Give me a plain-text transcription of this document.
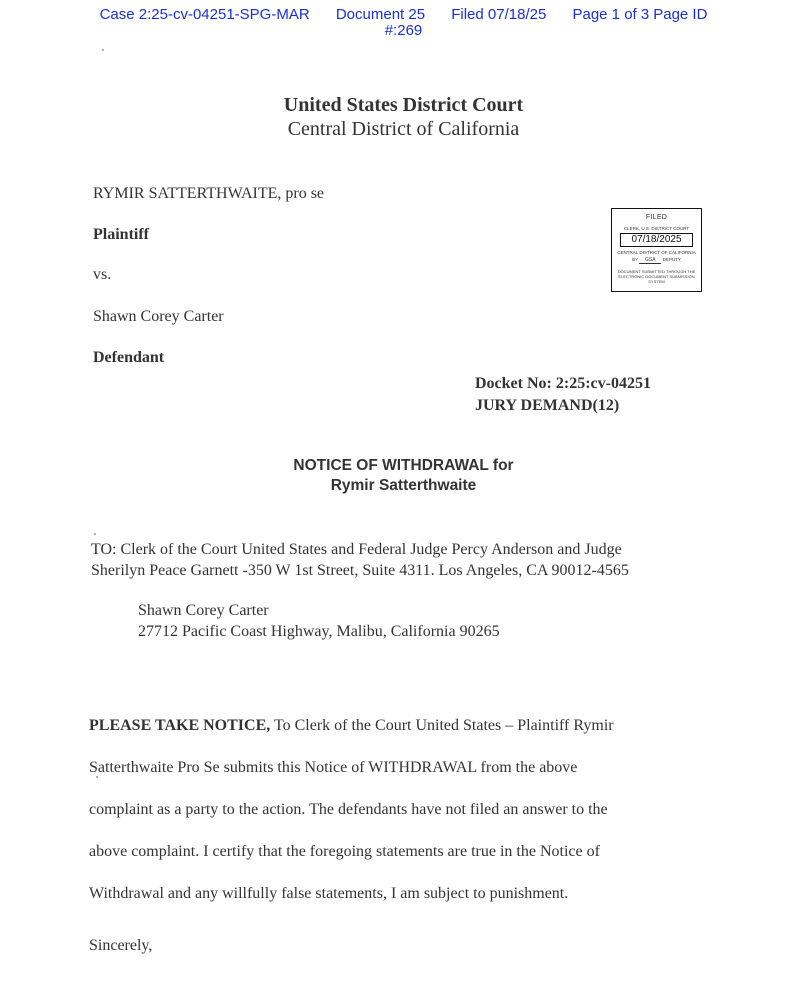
Case 2:25-cv-04251-SPG-MAR Document 25 Filed 07/18/25 Page 1 of 3 Page ID
#:269
United States District Court
Central District of California
RYMIR SATTERTHWAITE, pro se
Plaintiff
vs.
Shawn Corey Carter
Defendant
FILED
CLERK, U.S. DISTRICT COURT
07/18/2025
CENTRAL DISTRICT OF CALIFORNIA
BY GSA DEPUTY
DOCUMENT SUBMITTED THROUGH THE
ELECTRONIC DOCUMENT SUBMISSION SYSTEM
Docket No: 2:25:cv-04251
JURY DEMAND(12)
NOTICE OF WITHDRAWAL for
Rymir Satterthwaite
TO: Clerk of the Court United States and Federal Judge Percy Anderson and Judge
Sherilyn Peace Garnett -350 W 1st Street, Suite 4311. Los Angeles, CA 90012-4565
Shawn Corey Carter
27712 Pacific Coast Highway, Malibu, California 90265
PLEASE TAKE NOTICE, To Clerk of the Court United States – Plaintiff Rymir
Satterthwaite Pro Se submits this Notice of WITHDRAWAL from the above
complaint as a party to the action. The defendants have not filed an answer to the
above complaint. I certify that the foregoing statements are true in the Notice of
Withdrawal and any willfully false statements, I am subject to punishment.
Sincerely,
